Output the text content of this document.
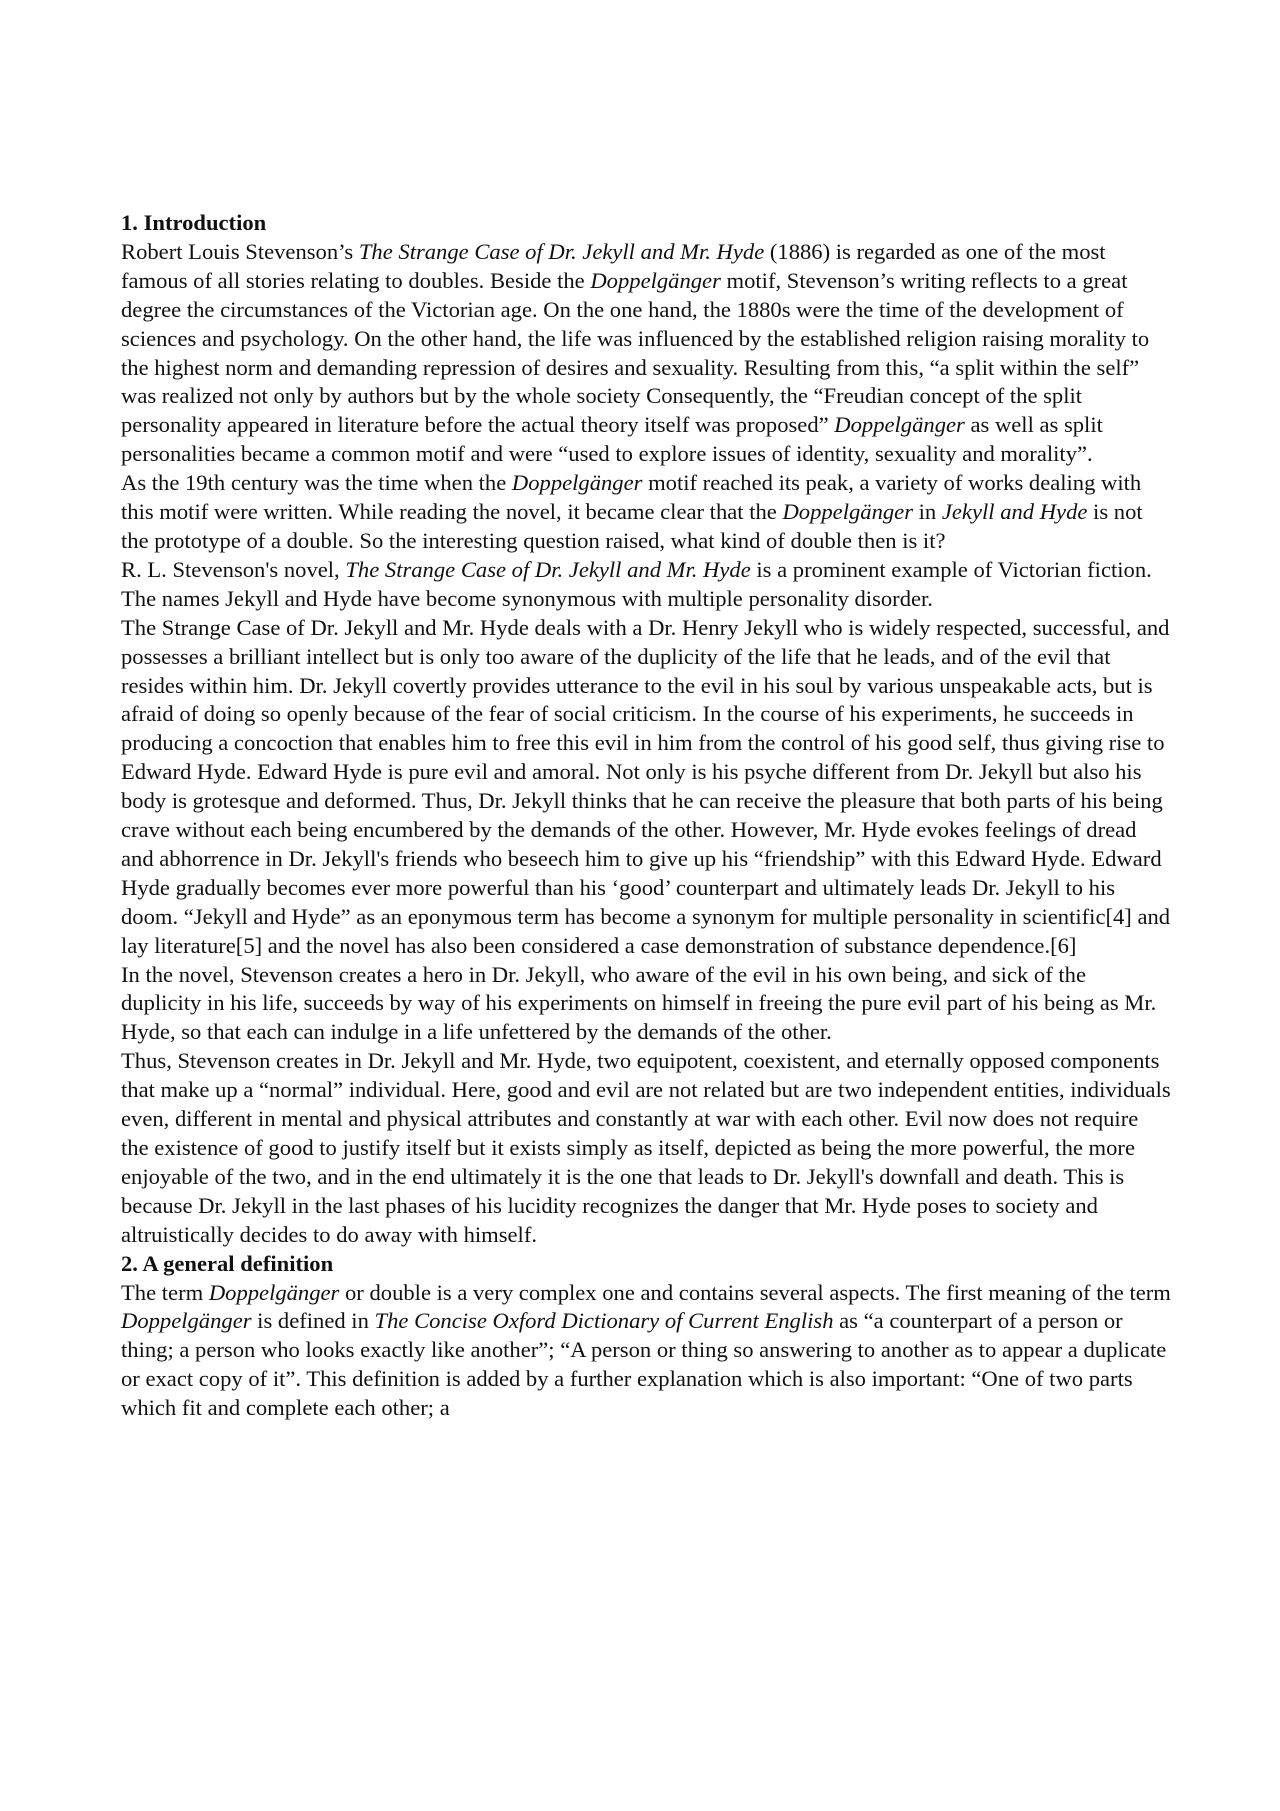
1. Introduction

Robert Louis Stevenson’s The Strange Case of Dr. Jekyll and Mr. Hyde (1886) is regarded as one of the most famous of all stories relating to doubles. Beside the Doppelgänger motif, Stevenson’s writing reflects to a great degree the circumstances of the Victorian age. On the one hand, the 1880s were the time of the development of sciences and psychology. On the other hand, the life was influenced by the established religion raising morality to the highest norm and demanding repression of desires and sexuality. Resulting from this, “a split within the self” was realized not only by authors but by the whole society Consequently, the “Freudian concept of the split personality appeared in literature before the actual theory itself was proposed” Doppelgänger as well as split personalities became a common motif and were “used to explore issues of identity, sexuality and morality”.

As the 19th century was the time when the Doppelgänger motif reached its peak, a variety of works dealing with this motif were written. While reading the novel, it became clear that the Doppelgänger in Jekyll and Hyde is not the prototype of a double. So the interesting question raised, what kind of double then is it?

R. L. Stevenson's novel, The Strange Case of Dr. Jekyll and Mr. Hyde is a prominent example of Victorian fiction. The names Jekyll and Hyde have become synonymous with multiple personality disorder.

The Strange Case of Dr. Jekyll and Mr. Hyde deals with a Dr. Henry Jekyll who is widely respected, successful, and possesses a brilliant intellect but is only too aware of the duplicity of the life that he leads, and of the evil that resides within him. Dr. Jekyll covertly provides utterance to the evil in his soul by various unspeakable acts, but is afraid of doing so openly because of the fear of social criticism. In the course of his experiments, he succeeds in producing a concoction that enables him to free this evil in him from the control of his good self, thus giving rise to Edward Hyde. Edward Hyde is pure evil and amoral. Not only is his psyche different from Dr. Jekyll but also his body is grotesque and deformed. Thus, Dr. Jekyll thinks that he can receive the pleasure that both parts of his being crave without each being encumbered by the demands of the other. However, Mr. Hyde evokes feelings of dread and abhorrence in Dr. Jekyll's friends who beseech him to give up his “friendship” with this Edward Hyde. Edward Hyde gradually becomes ever more powerful than his ‘good’ counterpart and ultimately leads Dr. Jekyll to his doom. “Jekyll and Hyde” as an eponymous term has become a synonym for multiple personality in scientific[4] and lay literature[5] and the novel has also been considered a case demonstration of substance dependence.[6]

In the novel, Stevenson creates a hero in Dr. Jekyll, who aware of the evil in his own being, and sick of the duplicity in his life, succeeds by way of his experiments on himself in freeing the pure evil part of his being as Mr. Hyde, so that each can indulge in a life unfettered by the demands of the other.

Thus, Stevenson creates in Dr. Jekyll and Mr. Hyde, two equipotent, coexistent, and eternally opposed components that make up a “normal” individual. Here, good and evil are not related but are two independent entities, individuals even, different in mental and physical attributes and constantly at war with each other. Evil now does not require the existence of good to justify itself but it exists simply as itself, depicted as being the more powerful, the more enjoyable of the two, and in the end ultimately it is the one that leads to Dr. Jekyll's downfall and death. This is because Dr. Jekyll in the last phases of his lucidity recognizes the danger that Mr. Hyde poses to society and altruistically decides to do away with himself.

2. A general definition

The term Doppelgänger or double is a very complex one and contains several aspects. The first meaning of the term Doppelgänger is defined in The Concise Oxford Dictionary of Current English as “a counterpart of a person or thing; a person who looks exactly like another”; “A person or thing so answering to another as to appear a duplicate or exact copy of it”. This definition is added by a further explanation which is also important: “One of two parts which fit and complete each other; a
